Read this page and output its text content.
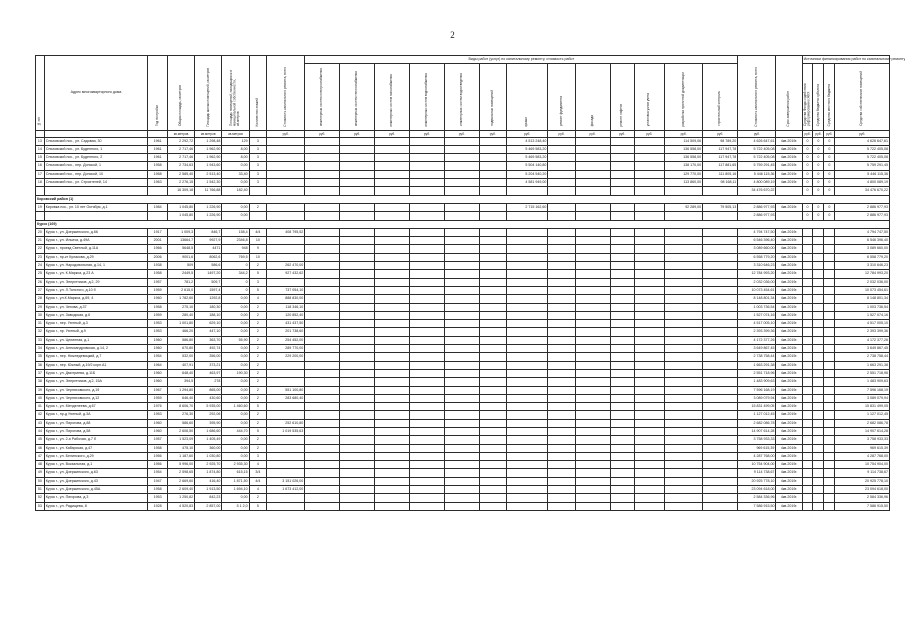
2
№ п/п	Адрес многоквартирного дома	Год постройки	Общая площадь, кв.метров	Площадь жилых помещений, кв.метров	Площадь помещений, находящихся в муниципальной собственности, кв.метров	Количество этажей	Стоимость капитального ремонта, всего	Виды работ (услуг) по капитальному ремонту, стоимость работ													Стоимость капитального ремонта, всего	Срок завершения работ	Источники финансирования работ по капитальному ремонту			
								инженерных систем электроснабжения	инженерных систем теплоснабжения	инженерных систем газоснабжения	инженерных систем водоснабжения	инженерных систем водоотведения	подвальных помещений	крыши	ремонт фундамента	фасада	ремонт лифтов	установка узлов учета	разработка проектной документации	строительный контроль			Средства Фонда содействия реформированию ЖКХ	Средства бюджета субъекта	Средства местного бюджета	Средства собственников помещений
			кв.метров	кв.метров	кв.метров		руб.	руб.	руб.	руб.	руб.	руб.	руб.	руб.	руб.	руб.	руб.	руб.	руб.	руб.	руб.		руб.	руб.	руб.	руб.
13	Ольховский пос., ул. Садовая, 30	1961	2 292,72	1 298,48	129	3								4 513 248,40					114 509,06	98 789,20	4 626 647,61	4кв.2019г.	0	0	0	4 626 647,61
14	Ольховский пос., ул. Буденного, 1	1961	2 717,46	1 962,90	8,00	3								5 469 583,20					136 558,00	117 947,78	5 722 405,08	4кв.2019г.	0	0	0	5 722 405,08
15	Ольховский пос., ул. Буденного, 2	1961	2 717,46	1 962,90	8,00	3								5 469 583,20					136 558,00	117 947,78	5 722 405,08	4кв.2019г.	0	0	0	5 722 405,08
16	Ольховский пос., пер. Донской, 1	1958	2 734,63	1 943,60	0,00	3								5 504 140,80					138 170,00	117 881,65	5 759 291,45	4кв.2019г.	0	0	0	5 759 291,45
17	Ольховский пос., пер. Донской, 10	1958	2 585,40	2 513,40	33,40	3								5 204 540,20					129 770,00	111 805,16	5 446 115,36	4кв.2019г.	0	0	0	5 446 115,36
18	Ольховский пос., ул. Строителей, 14	1963	2 276,15	1 542,30	0,00	3								4 581 949,00					113 860,00	98 168,11	4 800 089,19	4кв.2019г.	0	0	0	4 800 089,19
			16 309,18	11 766,88	182,40																34 476 670,22		0	0	0	34 476 670,22
Кировский район (1)																										
19	Кировка пос., ул. 10 лет Октября, д.1	1984	1 045,80	1 226,90	0,00	2								2 715 162,60					92 289,00	79 505,13	2 886 977,93	4кв.2019г.	0	0	0	2 886 977,93
			1 045,80	1 226,90	0,00																2 886 977,93		0	0	0	2 886 977,93
Курск (169)																										
20	Курск г., ул. Дзержинского, д.66	1917	1 009,3	846,7	158,4	4/4	408 795,52														4 794 747,50	4кв.2019г.				4 794 747,50
21	Курск г., ул. Ильича, д.49А	2001	13664,7	9927,9	2346,8	10															6 546 396,40	4кв.2019г.				6 546 396,40
22	Курск г., проезд Светлый, д.11А	1966	5648,5	4471	948	9															3 089 660,00	4кв.2019г.				3 089 660,00
23	Курск г., пр-кт Кулакова, д.29	2006	9001,6	8062,6	769,5	10															6 558 779,20	4кв.2019г.				6 558 779,20
24	Курск г., ул. Народовольная, д.14, 1	1938	509	586,6	0	2	262 470,00														3 310 646,23	4кв.2019г.				3 310 646,23
25	Курск г., ул. К.Маркса, д.23 А	1958	2449,5	1497,20	344,2	5	927 432,62														12 784 993,20	4кв.2019г.				12 784 993,20
26	Курск г., ул. Энергетиков, д.2, 29	1957	781,2	509,7	0	3															2 032 036,00	4кв.2019г.				2 032 036,00
27	Курск г., ул. Л.Толстого, д.10 б	1959	2 615,0	1597,4	0	5	737 054,10														10 073 454,61	4кв.2019г.				10 073 454,61
28	Курск г., ул.К.Маркса, д.69, 4	1960	1 782,60	1292,8	0,00	4	888 830,00														8 148 801,34	4кв.2019г.				8 148 801,34
29	Курск г., ул. Чехова, д.37	1958	275,10	180,30	0,00	2	118 346,10														1 003 736,54	4кв.2019г.				1 003 736,54
30	Курск г., ул. Заводская, д.6	1959	280,40	188,10	0,00	2	120 852,40														1 527 074,16	4кв.2019г.				1 527 074,16
31	Курск г., пер. Уютный, д.3	1953	1 001,80	629,10	0,00	2	431 437,50														4 517 005,10	4кв.2019г.				4 517 005,10
32	Курск г., пр. Уютный, д.9	1953	466,20	447,10	0,00	2	201 738,60														2 393 399,36	4кв.2019г.				2 393 399,36
33	Курск г., ул. Целинная, д.1	1960	586,80	363,70	55,90	2	254 452,00														4 172 377,26	4кв.2019г.				4 172 377,26
34	Курск г., ул. Александровская, д.14, 2	1960	670,80	492,74	0,00	2	289 770,00														3 649 867,45	4кв.2019г.				3 649 867,45
35	Курск г., пер. Нижнедевицкий, д.7	1954	532,00	356,00	0,00	2	229 200,00														2 738 758,44	4кв.2019г.				2 738 758,44
36	Курск г., пер. Южный, д.19/2 корп.А1	1964	407,91	373,21	0,00	2															1 663 291,38	4кв.2019г.				1 663 291,38
37	Курск г., ул. Дмитриева, д.11Б	1960	648,40	463,97	190,30	2															2 551 718,96	4кв.2019г.				2 551 718,96
38	Курск г., ул. Энергетиков, д.2, 15А	1960	394,5	278	0,00	2															1 483 909,63	4кв.2019г.				1 483 909,63
39	Курск г., ул. Черняховского, д.19	1967	1 294,80	865,00	0,00	2	551 100,80														7 596 168,19	4кв.2019г.				7 596 168,19
40	Курск г., ул. Черняховского, д.12	1959	646,40	430,60	0,00	2	283 680,40														3 089 079,94	4кв.2019г.				3 089 079,94
41	Курск г., ул. Менделеева, д.67	1976	8 606,70	5 935,00	1 460,60	5															15 831 499,05	4кв.2019г.				15 831 499,05
42	Курск г., пр-д Уютный, д.3А	1953	276,30	292,06	0,00	2															1 127 012,45	4кв.2019г.				1 127 012,45
43	Курск г., ул. Пирогова, д.88	1960	586,60	395,90	0,00	2	252 610,80														2 682 086,78	4кв.2019г.				2 682 086,78
44	Курск г., ул. Пирогова, д.58	1960	2 606,50	1 686,60	444,70	5	1 019 535,63														14 907 614,28	4кв.2019г.				14 907 614,28
45	Курск г., ул. 2-я Рабочая, д.7 б	1957	1 523,09	1 405,49	0,00	2															3 758 933,33	4кв.2019г.				3 758 933,33
46	Курск г., ул. Кабарская, д.47	1958	475,10	360,00	0,00	2															969 615,39	4кв.2019г.				969 615,39
47	Курск г., ул. Белинского, д.29	1956	1 187,60	1 030,80	0,00	3															4 287 768,00	4кв.2019г.				4 287 768,00
48	Курск г., ул. Вокзальная, д.1	1956	5 996,00	2 925,70	2 935,30	4															10 754 904,00	4кв.2019г.				10 754 904,00
49	Курск г., ул. Дзержинского, д.63	1954	2 598,65	1 874,80	615,15	3/4															9 114 738,67	4кв.2019г.				9 114 738,67
50	Курск г., ул. Дзержинского, д.43	1947	2 669,60	416,40	1 871,50	4/4	3 151 026,00														20 925 778,10	4кв.2019г.				20 925 778,10
51	Курск г., ул. Дзержинского, д.45А	1958	2 609,40	1 913,50	1 694,10	4	1 673 412,00														23 094 618,00	4кв.2019г.				23 094 618,00
52	Курск г., ул. Пигорова, д.3	1953	1 250,82	842,23	0,00	2															2 584 336,96	4кв.2019г.				2 584 336,96
53	Курск г., ул. Радищева, 8	1928	4 520,83	2 857,00	5 1 2,0	5															7 586 915,50	4кв.2019г.				7 586 915,50
